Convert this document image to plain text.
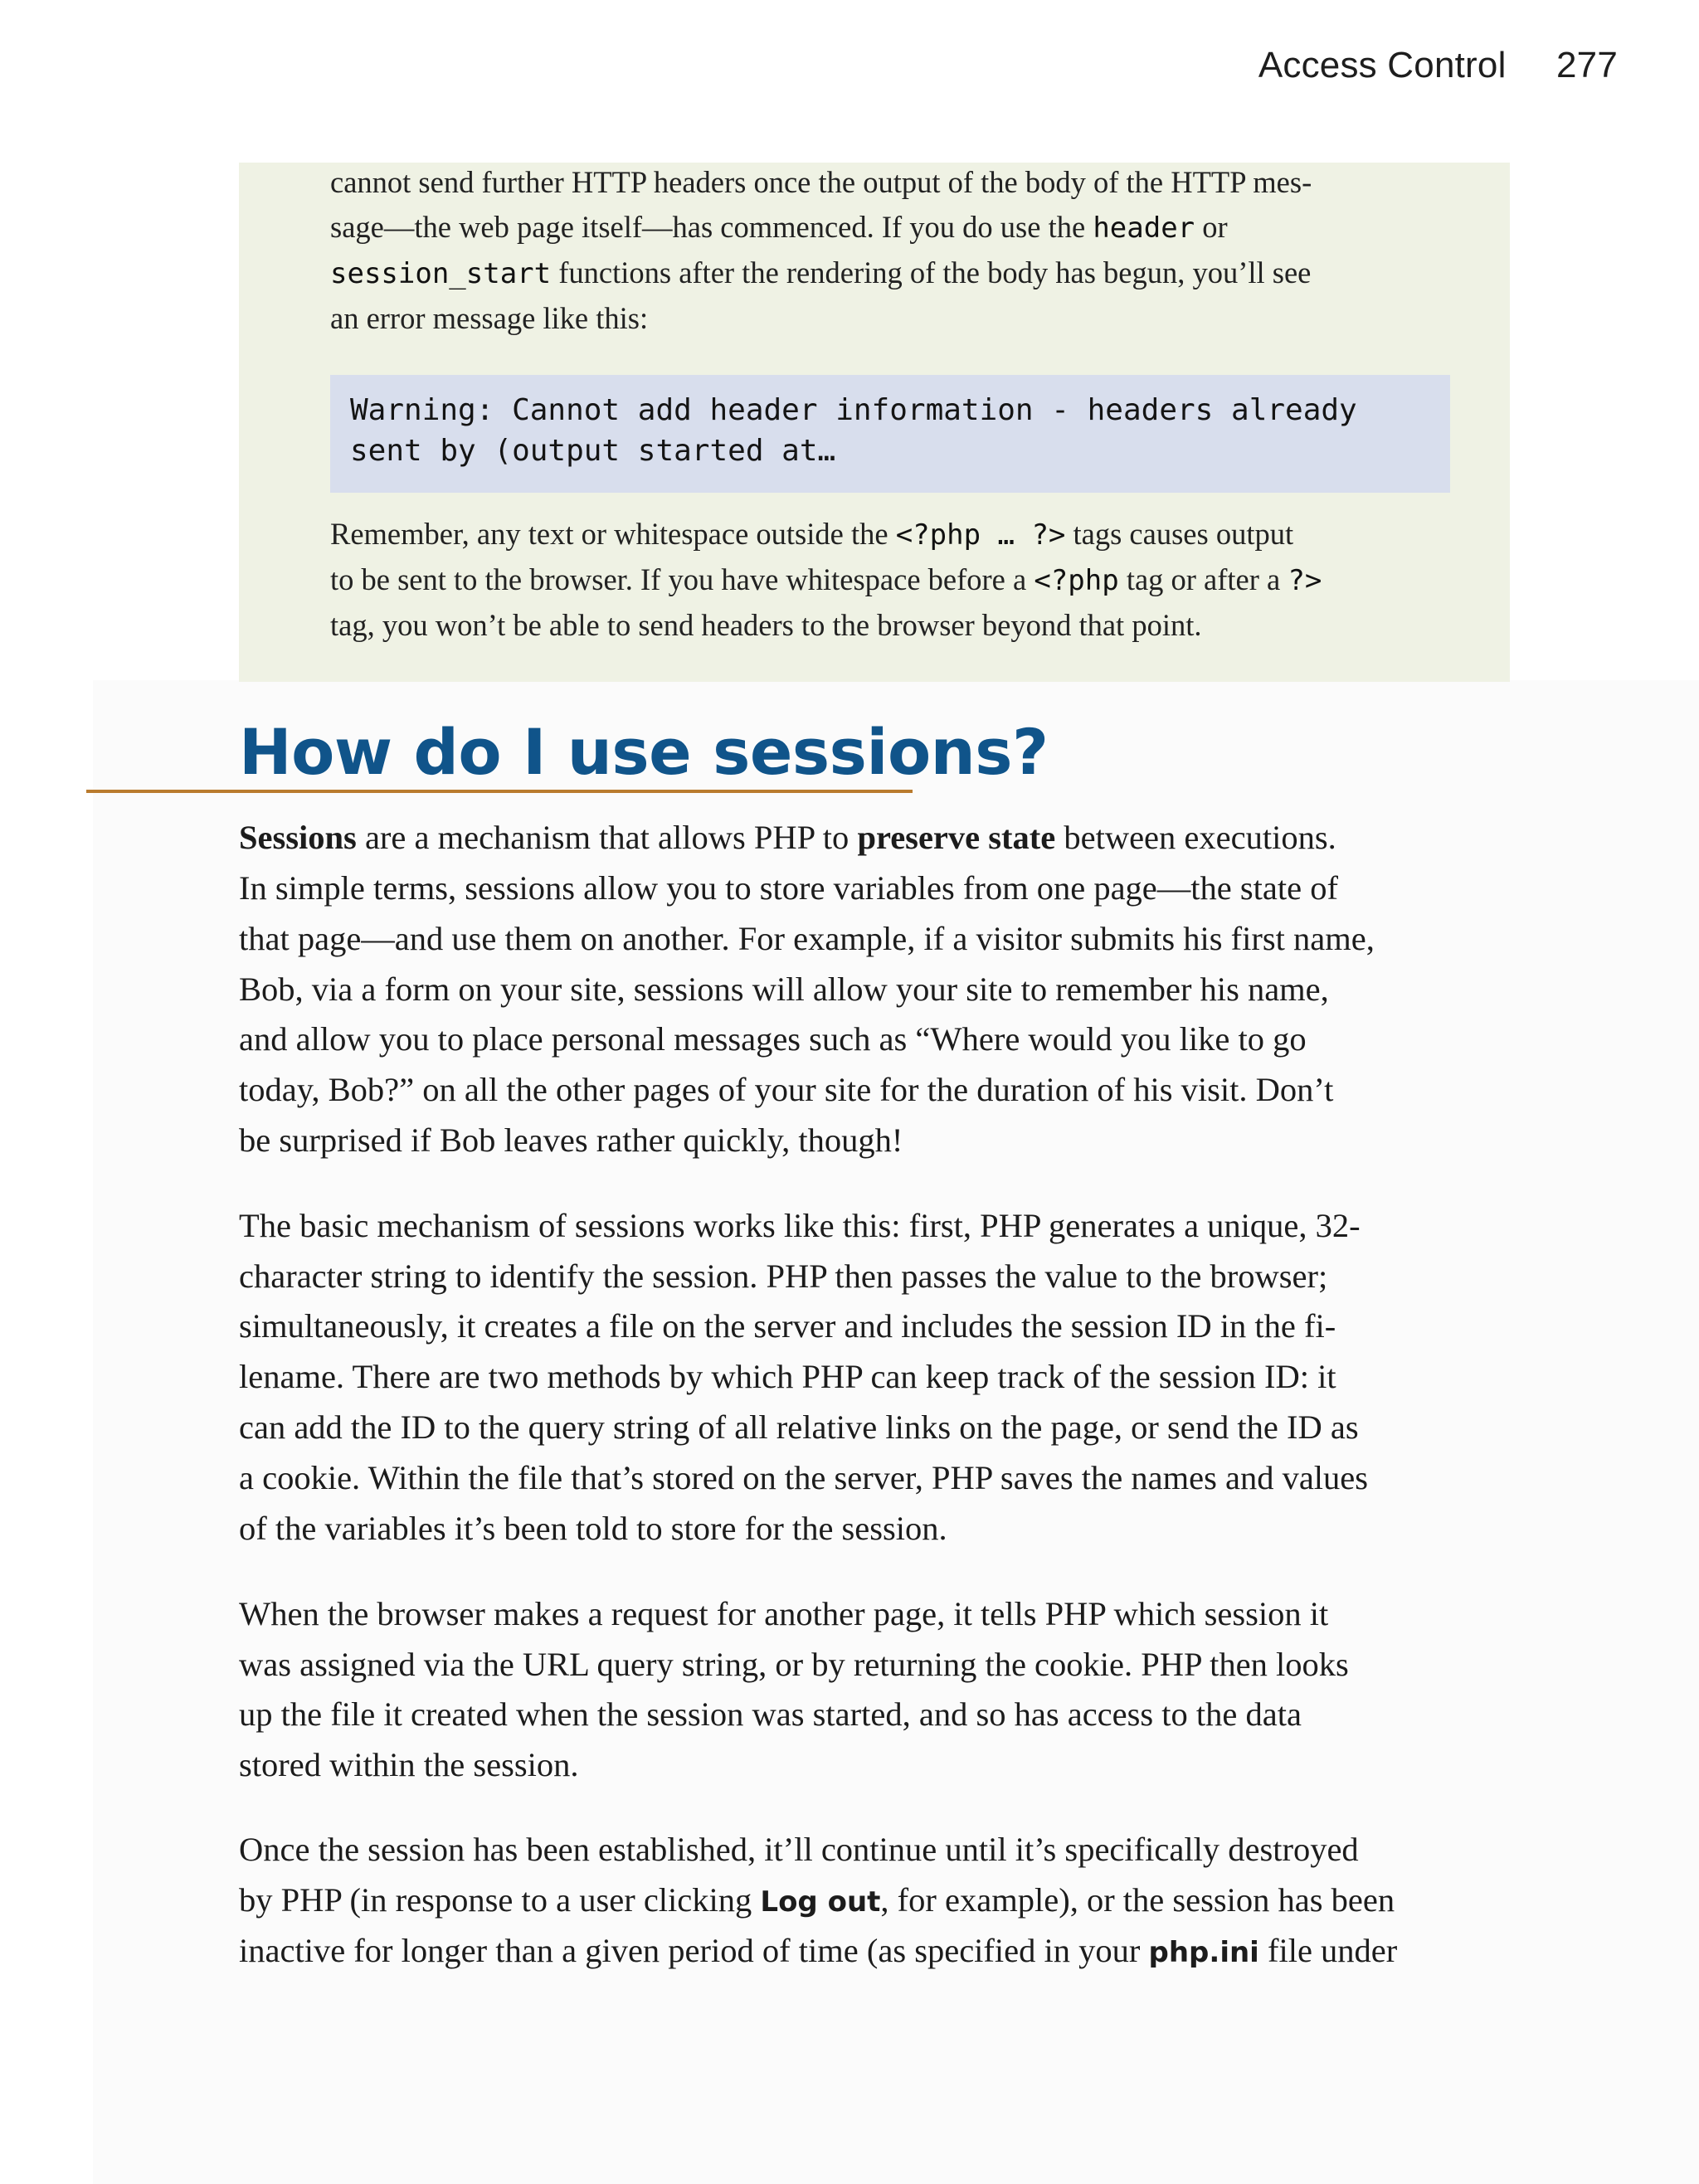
Access Control 277
cannot send further HTTP headers once the output of the body of the HTTP mes-
sage—the web page itself—has commenced. If you do use the header or
session_start functions after the rendering of the body has begun, you’ll see
an error message like this:
Warning: Cannot add header information - headers already
sent by (output started at…
Remember, any text or whitespace outside the <?php … ?> tags causes output
to be sent to the browser. If you have whitespace before a <?php tag or after a ?>
tag, you won’t be able to send headers to the browser beyond that point.
How do I use sessions?
Sessions are a mechanism that allows PHP to preserve state between executions.
In simple terms, sessions allow you to store variables from one page—the state of
that page—and use them on another. For example, if a visitor submits his first name,
Bob, via a form on your site, sessions will allow your site to remember his name,
and allow you to place personal messages such as “Where would you like to go
today, Bob?” on all the other pages of your site for the duration of his visit. Don’t
be surprised if Bob leaves rather quickly, though!
The basic mechanism of sessions works like this: first, PHP generates a unique, 32-
character string to identify the session. PHP then passes the value to the browser;
simultaneously, it creates a file on the server and includes the session ID in the fi-
lename. There are two methods by which PHP can keep track of the session ID: it
can add the ID to the query string of all relative links on the page, or send the ID as
a cookie. Within the file that’s stored on the server, PHP saves the names and values
of the variables it’s been told to store for the session.
When the browser makes a request for another page, it tells PHP which session it
was assigned via the URL query string, or by returning the cookie. PHP then looks
up the file it created when the session was started, and so has access to the data
stored within the session.
Once the session has been established, it’ll continue until it’s specifically destroyed
by PHP (in response to a user clicking Log out, for example), or the session has been
inactive for longer than a given period of time (as specified in your php.ini file under
